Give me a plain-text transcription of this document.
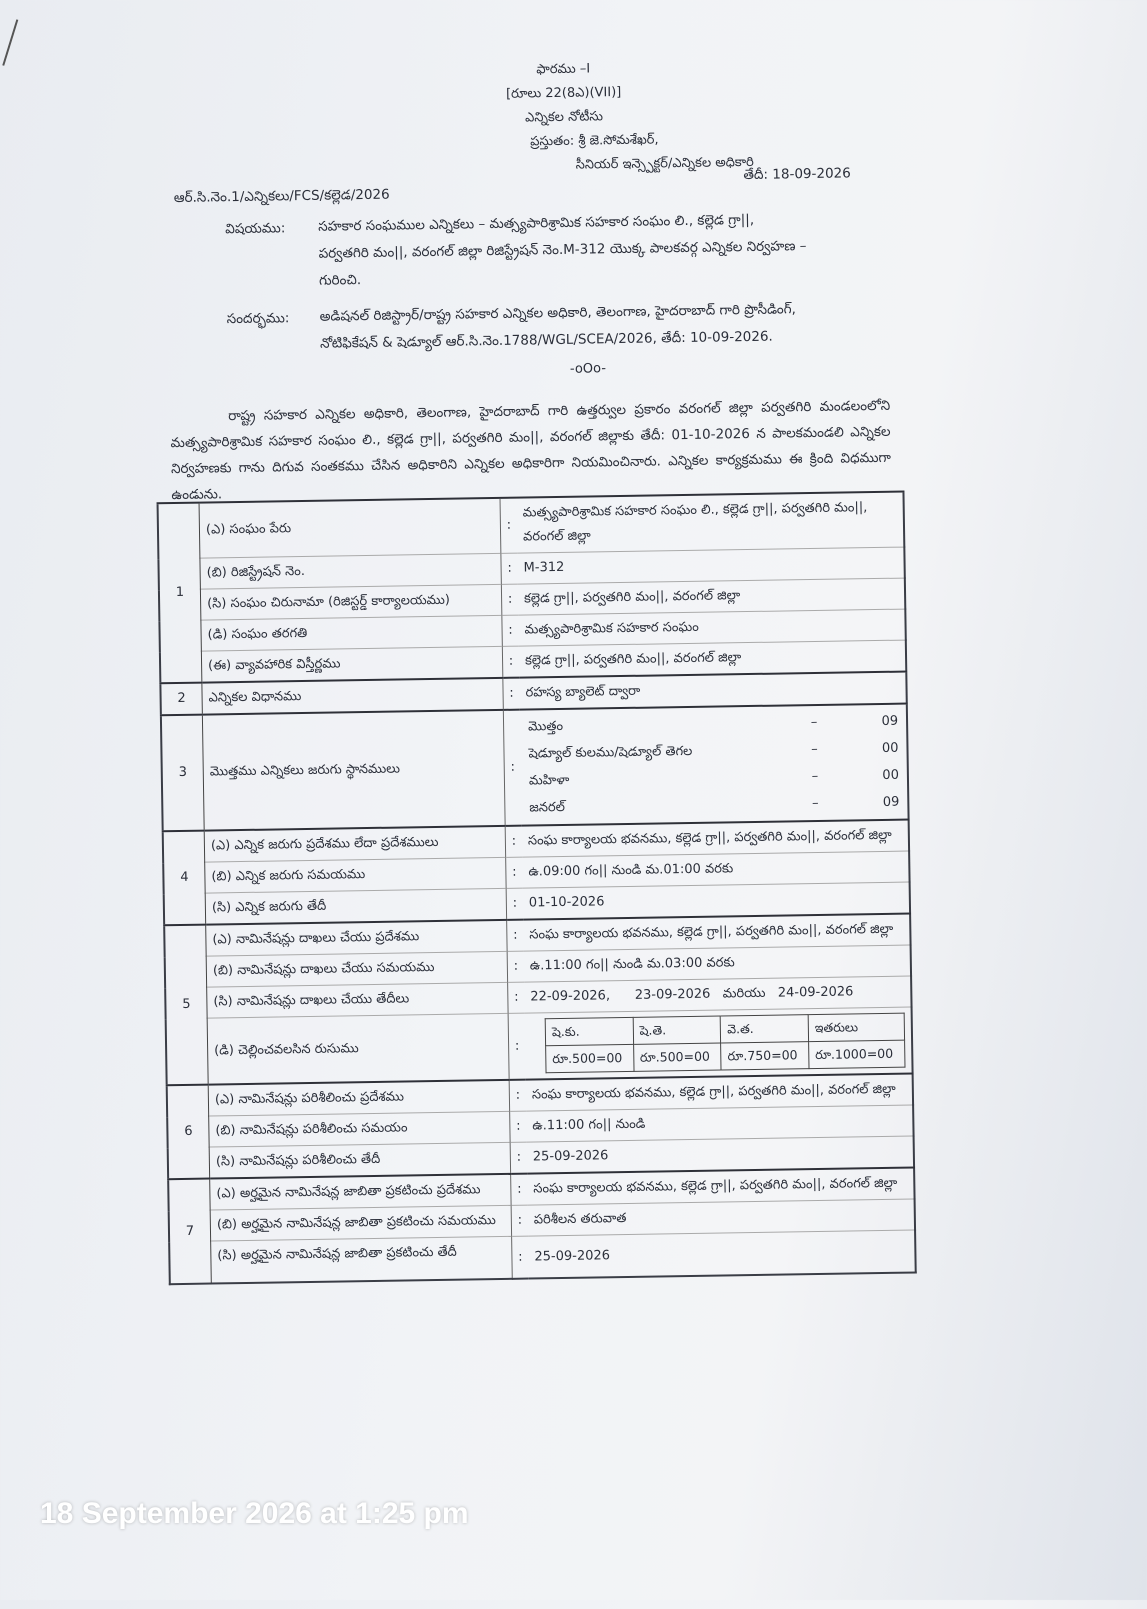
ఫారము –I
[రూలు 22(8ఎ)(VII)]
ఎన్నికల నోటీసు
ప్రస్తుతం: శ్రీ జె.సోమశేఖర్,
సీనియర్ ఇన్స్పెక్టర్/ఎన్నికల అధికారి
ఆర్.సి.నెం.1/ఎన్నికలు/FCS/కల్లెడ/2026
తేదీ: 18-09-2026
విషయము: సహకార సంఘముల ఎన్నికలు – మత్స్యపారిశ్రామిక సహకార సంఘం లి., కల్లెడ గ్రా||,
పర్వతగిరి మం||, వరంగల్ జిల్లా రిజిస్ట్రేషన్ నెం.M-312 యొక్క పాలకవర్గ ఎన్నికల నిర్వహణ –
గురించి.
సందర్భము: అడిషనల్ రిజిస్ట్రార్/రాష్ట్ర సహకార ఎన్నికల అధికారి, తెలంగాణ, హైదరాబాద్ గారి ప్రొసీడింగ్,
నోటిఫికేషన్ & షెడ్యూల్ ఆర్.సి.నెం.1788/WGL/SCEA/2026, తేదీ: 10-09-2026.
-oOo-
రాష్ట్ర సహకార ఎన్నికల అధికారి, తెలంగాణ, హైదరాబాద్ గారి ఉత్తర్వుల ప్రకారం వరంగల్ జిల్లా పర్వతగిరి మండలంలోని మత్స్యపారిశ్రామిక సహకార సంఘం లి., కల్లెడ గ్రా||, పర్వతగిరి మం||, వరంగల్ జిల్లాకు తేదీ: 01-10-2026 న పాలకమండలి ఎన్నికల నిర్వహణకు గాను దిగువ సంతకము చేసిన అధికారిని ఎన్నికల అధికారిగా నియమించినారు. ఎన్నికల కార్యక్రమము ఈ క్రింది విధముగా ఉండును.
1	(ఎ) సంఘం పేరు	:	మత్స్యపారిశ్రామిక సహకార సంఘం లి., కల్లెడ గ్రా||, పర్వతగిరి మం||, వరంగల్ జిల్లా
(బి) రిజిస్ట్రేషన్ నెం.	:	M-312
(సి) సంఘం చిరునామా (రిజిస్టర్డ్ కార్యాలయము)	:	కల్లెడ గ్రా||, పర్వతగిరి మం||, వరంగల్ జిల్లా
(డి) సంఘం తరగతి	:	మత్స్యపారిశ్రామిక సహకార సంఘం
(ఈ) వ్యావహారిక విస్తీర్ణము	:	కల్లెడ గ్రా||, పర్వతగిరి మం||, వరంగల్ జిల్లా
2	ఎన్నికల విధానము	:	రహస్య బ్యాలెట్ ద్వారా
3	మొత్తము ఎన్నికలు జరుగు స్థానములు	:	
మొత్తం	–	09
షెడ్యూల్ కులము/షెడ్యూల్ తెగల	–	00
మహిళా	–	00
జనరల్	–	09

4	(ఎ) ఎన్నిక జరుగు ప్రదేశము లేదా ప్రదేశములు	:	సంఘ కార్యాలయ భవనము, కల్లెడ గ్రా||, పర్వతగిరి మం||, వరంగల్ జిల్లా
(బి) ఎన్నిక జరుగు సమయము	:	ఉ.09:00 గం|| నుండి మ.01:00 వరకు
(సి) ఎన్నిక జరుగు తేదీ	:	01-10-2026
5	(ఎ) నామినేషన్లు దాఖలు చేయు ప్రదేశము	:	సంఘ కార్యాలయ భవనము, కల్లెడ గ్రా||, పర్వతగిరి మం||, వరంగల్ జిల్లా
(బి) నామినేషన్లు దాఖలు చేయు సమయము	:	ఉ.11:00 గం|| నుండి మ.03:00 వరకు
(సి) నామినేషన్లు దాఖలు చేయు తేదీలు	:	22-09-2026,      23-09-2026   మరియు   24-09-2026
(డి) చెల్లించవలసిన రుసుము	:	
షె.కు.	షె.తె.	వె.త.	ఇతరులు
రూ.500=00	రూ.500=00	రూ.750=00	రూ.1000=00

6	(ఎ) నామినేషన్లు పరిశీలించు ప్రదేశము	:	సంఘ కార్యాలయ భవనము, కల్లెడ గ్రా||, పర్వతగిరి మం||, వరంగల్ జిల్లా
(బి) నామినేషన్లు పరిశీలించు సమయం	:	ఉ.11:00 గం|| నుండి
(సి) నామినేషన్లు పరిశీలించు తేదీ	:	25-09-2026
7	(ఎ) అర్హమైన నామినేషన్ల జాబితా ప్రకటించు ప్రదేశము	:	సంఘ కార్యాలయ భవనము, కల్లెడ గ్రా||, పర్వతగిరి మం||, వరంగల్ జిల్లా
(బి) అర్హమైన నామినేషన్ల జాబితా ప్రకటించు సమయము	:	పరిశీలన తరువాత
(సి) అర్హమైన నామినేషన్ల జాబితా ప్రకటించు తేదీ	:	25-09-2026
18 September 2026 at 1:25 pm
